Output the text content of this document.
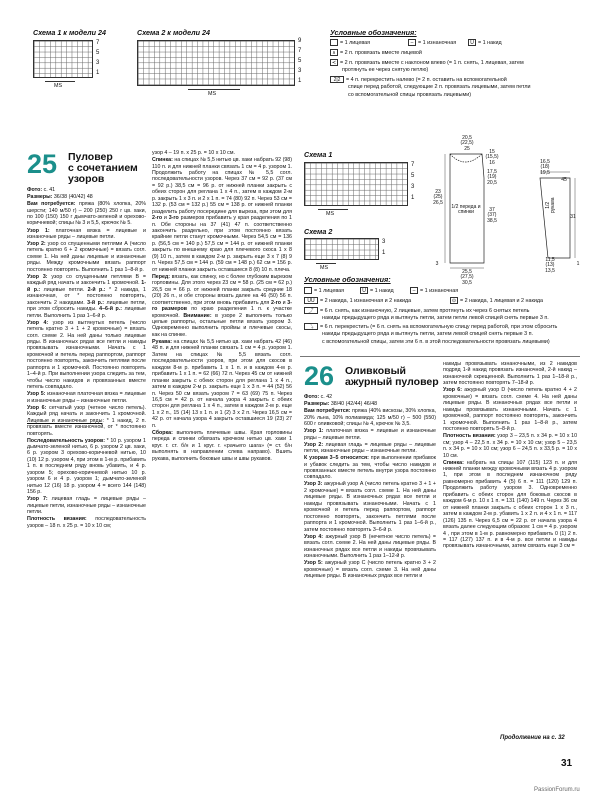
Схема 1 к модели 24
7
5
3
1
MS
Схема 2 к модели 24
9
7
5
3
1
MS
Условные обозначения:
= 1 лицевая	– = 1 изнаночная	U = 1 накид
∧ = 2 п. провязать вместе лицевой
≺ = 2 п. провязать вместе с наклоном влево (= 1 п. снять, 1 лицевая, затем
протянуть ее через снятую петлю)
2|2 = 4 п. перекрестить налево (= 2 п. оставить на вспомогательной
спице перед работой, следующие 2 п. провязать лицевыми, затем петли
со вспомогательной спицы провязать лицевыми)
25 Пуловер
с сочетанием
узоров

Фото: с. 41

Размеры: 36/38 (40/42) 48

Вам потребуется: пряжа (80% хлопка, 20% шерсти; 140 м/50 г) – 200 (250) 250 г цв. хаки, по 100 (150) 150 г дымчато-зеленой и орехово-коричневой; спицы № 3 и 5,5, крючок № 5.

Узор 1: платочная вязка = лицевые и изнаночные ряды – лицевые петли.

Узор 2: узор со спущенными петлями А (число петель кратно 6 + 2 кромочные) = вязать согл. схеме 1. На ней даны лицевые и изнаночные ряды. Между кромочными вязать раппорт постоянно повторять. Выполнить 1 раз 1–8-й р.

Узор 3: узор со спущенными петлями В = каждый ряд начать и закончить 1 кромочной. 1-й р.: лицевые петли. 2-й р.: * 2 накида, 1 изнаночная, от * постоянно повторять, закончить 2 накидами. 3-й р.: лицевые петли, при этом сбросить накиды. 4–6-й р.: лицевые петли. Выполнить 1 раз 1–6-й р.

Узор 4: узор из вытянутых петель (число петель кратно 3 + 1 + 2 кромочные) = вязать согл. схеме 2. На ней даны только лицевые ряды. В изнаночных рядах все петли и накиды провязывать изнаночными. Начать с 1 кромочной и петель перед раппортом, раппорт постоянно повторять, закончить петлями после раппорта и 1 кромочной. Постоянно повторять 1–4-й р. При выполнении узора следить за тем, чтобы число накидов и провязанных вместе петель совпадало.

Узор 5: изнаночная платочная вязка = лицевые и изнаночные ряды – изнаночные петли.

Узор 6: сетчатый узор (четное число петель). Каждый ряд начать и закончить 1 кромочной. Лицевые и изнаночные ряды: * 1 накид, 2 п. провязать вместе изнаночной, от * постоянно повторять.

Последовательность узоров: * 10 р. узором 1 дымчато-зеленой нитью, 6 р. узором 2 цв. хаки, 6 р. узором 3 орехово-коричневой нитью, 10 (10) 12 р. узором 4, при этом в 1-м р. прибавить 1 п. в последнем ряду вновь убавить, и 4 р. узором 5; орехово-коричневой нитью 10 р. узором 6 и 4 р. узором 1; дымчато-зеленой нитью 12 (16) 18 р. узором 4 = всего 144 (148) 156 р.

Узор 7: лицевая гладь = лицевые ряды – лицевые петли, изнаночные ряды – изнаночные петли.

Плотность вязания: последовательность узоров – 18 п. x 25 р. = 10 x 10 см;

узор 4 – 19 п. x 25 р. = 10 x 10 см.

Спинка: на спицах № 5,5 нитью цв. хаки набрать 92 (98) 110 п. и для нижней планки связать 1 см = 4 р. узором 1. Продолжить работу на спицах № 5,5 согл. последовательности узоров. Через 37 см = 92 р. (37 см = 92 р.) 38,5 см = 96 р. от нижней планки закрыть с обеих сторон для реглана 1 x 4 п., затем в каждом 2-м р. закрыть 1 x 3 п. и 2 x 1 п. = 74 (80) 92 п. Через 53 см = 132 р. (53 см = 132 р.) 55 см = 138 р. от нижней планки разделить работу посередине для выреза, при этом для 2-го и 3-го размеров прибавить у края разделения по 1 п. Обе стороны на 37 (41) 47 п. соответственно закончить раздельно, при этом постоянно вязать крайние петли станут кромочными. Через 54,5 см = 136 р. (56,5 см = 140 р.) 57,5 см = 144 р. от нижней планки закрыть по внешнему краю для плечевого скоса 1 x 8 (9) 10 п., затем в каждом 2-м р. закрыть еще 3 x 7 (8) 9 п. Через 57,5 см = 144 р. (59 см = 148 р.) 62 см = 156 р. от нижней планки закрыть оставшиеся 8 (8) 10 п. плеча.

Перед: вязать, как спинку, но с более глубоким вырезом горловины. Для этого через 23 см = 58 р. (25 см = 62 р.) 26,5 см = 66 р. от нижней планки закрыть средние 18 (20) 26 п., и обе стороны вязать далее на 46 (50) 56 п. соответственно, при этом вновь прибавить для 2-го и 3-го размеров по краю разделения 1 п. к участке кромочной. Внимание: в узоре 2 выполнить только целые раппорты, остальные петли вязать узором 3. Одновременно выполнить проймы и плечевые скосы, как на спинке.

Рукава: на спицах № 5,5 нитью цв. хаки набрать 42 (46) 48 п. и для нижней планки связать 1 см = 4 р. узором 1. Затем на спицах № 5,5 вязать согл. последовательности узоров, при этом для скосов в каждом 8-м р. прибавить 1 x 1 п. и в каждом 4-м р. прибавить 1 x 1 п. = 62 (66) 72 п. Через 45 см от нижней планки закрыть с обеих сторон для реглана 1 x 4 п., затем в каждом 2-м р. закрыть еще 1 x 3 п. = 44 (52) 56 п. Через 50 см вязать узором 7 = 63 (69) 75 п. Через 16,5 см = 42 р. от начала узора 4 закрыть с обеих сторон для реглана 1 x 4 п., затем в каждом 2-м р. еще 1 x 2 п., 15 (14) 13 x 1 п. и 1 (2) 3 x 2 п. Через 16,5 см = 42 р. от начала узора 4 закрыть оставшиеся 19 (23) 27 п.

Сборка: выполнить плечевые швы. Края горловины переда и спинки обвязать крючком нитью цв. хаки 1 круг. г. ст. б/н и 1 круг. г. «рачьего шага» (= ст. б/н выполнять в направлении слева направо). Вшить рукава, выполнить боковые швы и швы рукавов.

Схема 1
7
5
3
1
MS
Схема 2
3
1
MS
1/2 переда и спинки
1/2 рукава
20,5
(22,5)
25
15
(15,5)
16
17,5
(19)
20,5
37
(37)
38,5
25,5
(27,5)
30,5
23
(25)
26,5
3
16,5
(18)
19,5
45
11,5
(13)
13,5
31
1
Условные обозначения:
= 1 лицевая	U = 1 накид	– = 1 изнаночная
UU = 2 накида, 1 изнаночная и 2 накида	⊙ = 2 накида, 1 лицевая и 2 накида
⤴ = 6 п. снять, как изнаночную, 2 лицевые, затем протянуть их через 6 снятых петель
накиды предыдущего ряда и вытянуть петли, затем петли левой спицей снять первые 3 п.
⤵ = 6 п. перекрестить (= 6 п. снять на вспомогательную спицу перед работой, при этом сбросить
накиды предыдущего ряда и вытянуть петли, затем левой спицей снять первые 3 п.
с вспомогательной спицы, затем эти 6 п. в этой последовательности провязать лицевыми)
26 Оливковый
ажурный пуловер

Фото: с. 42

Размеры: 38/40 (42/44) 46/48

Вам потребуется: пряжа (40% вискозы, 30% хлопка, 20% льна, 10% полиамида; 125 м/50 г) – 500 (550) 600 г оливковой; спицы № 4, крючок № 3,5.

Узор 1: платочная вязка = лицевые и изнаночные ряды – лицевые петли.

Узор 2: лицевая гладь = лицевые ряды – лицевые петли, изнаночные ряды – изнаночные петли.

К узорам 3–5 относится: при выполнении прибавок и убавок следить за тем, чтобы число накидов и провязанных вместе петель внутри узора постоянно совпадало.

Узор 3: ажурный узор А (число петель кратно 3 + 1 + 2 кромочные) = вязать согл. схеме 1. На ней даны лицевые ряды. В изнаночных рядах все петли и накиды провязывать изнаночными. Начать с 1 кромочной и петель перед раппортом, раппорт постоянно повторять, закончить петлями после раппорта и 1 кромочной. Выполнить 1 раз 1–6-й р., затем постоянно повторять 3–6-й р.

Узор 4: ажурный узор В (нечетное число петель) = вязать согл. схеме 2. На ней даны лицевые ряды. В изнаночных рядах все петли и накиды провязывать изнаночными. Выполнить 1 раз 1–12-й р.

Узор 5: ажурный узор С (число петель кратно 3 + 2 кромочные) = вязать согл. схеме 3. На ней даны лицевые ряды. В изнаночных рядах все петли и

накиды провязывать изнаночными, из 2 накидов подряд 1-й накид провязать изнаночной, 2-й накид – изнаночной скрещенной. Выполнить 1 раз 1–18-й р., затем постоянно повторять 7–18-й р.

Узор 6: ажурный узор D (число петель кратно 4 + 2 кромочные) = вязать согл. схеме 4. На ней даны лицевые ряды. В изнаночных рядах все петли и накиды провязывать изнаночными. Начать с 1 кромочной, раппорт постоянно повторять, закончить 1 кромочной. Выполнить 1 раз 1–8-й р., затем постоянно повторять 5–8-й р.

Плотность вязания: узор 3 – 23,5 п. x 34 р. = 10 x 10 см; узор 4 – 22,5 п. x 34 р. = 10 x 10 см; узор 5 – 23,5 п. x 34 р. = 10 x 10 см; узор 6 – 24,5 п. x 33,5 р. = 10 x 10 см.

Спинка: набрать на спицы 107 (115) 123 п. и для нижней планки между кромочными вязать 4 р. узором 1, при этом в последнем изнаночном ряду равномерно прибавить 4 (5) 6 п. = 111 (120) 129 п. Продолжить работу узором 3. Одновременно прибавить с обеих сторон для боковых скосов в каждом 6-м р. 10 x 1 п. = 131 (140) 149 п. Через 36 см от нижней планки закрыть с обеих сторон 1 x 3 п., затем в каждом 2-м р. убавить 1 x 2 п. и 4 x 1 п. = 117 (126) 135 п. Через 6,5 см = 22 р. от начала узора 4 вязать далее следующим образом: 1 см = 4 р. узором 4 , при этом в 1-м р. равномерно прибавить 0 (1) 2 п. = 117 (127) 137 п. и в 4-м р. все петли и накиды провязывать изнаночными, затем связать еще 3 см =

Продолжение на с. 32
31
PassionForum.ru
